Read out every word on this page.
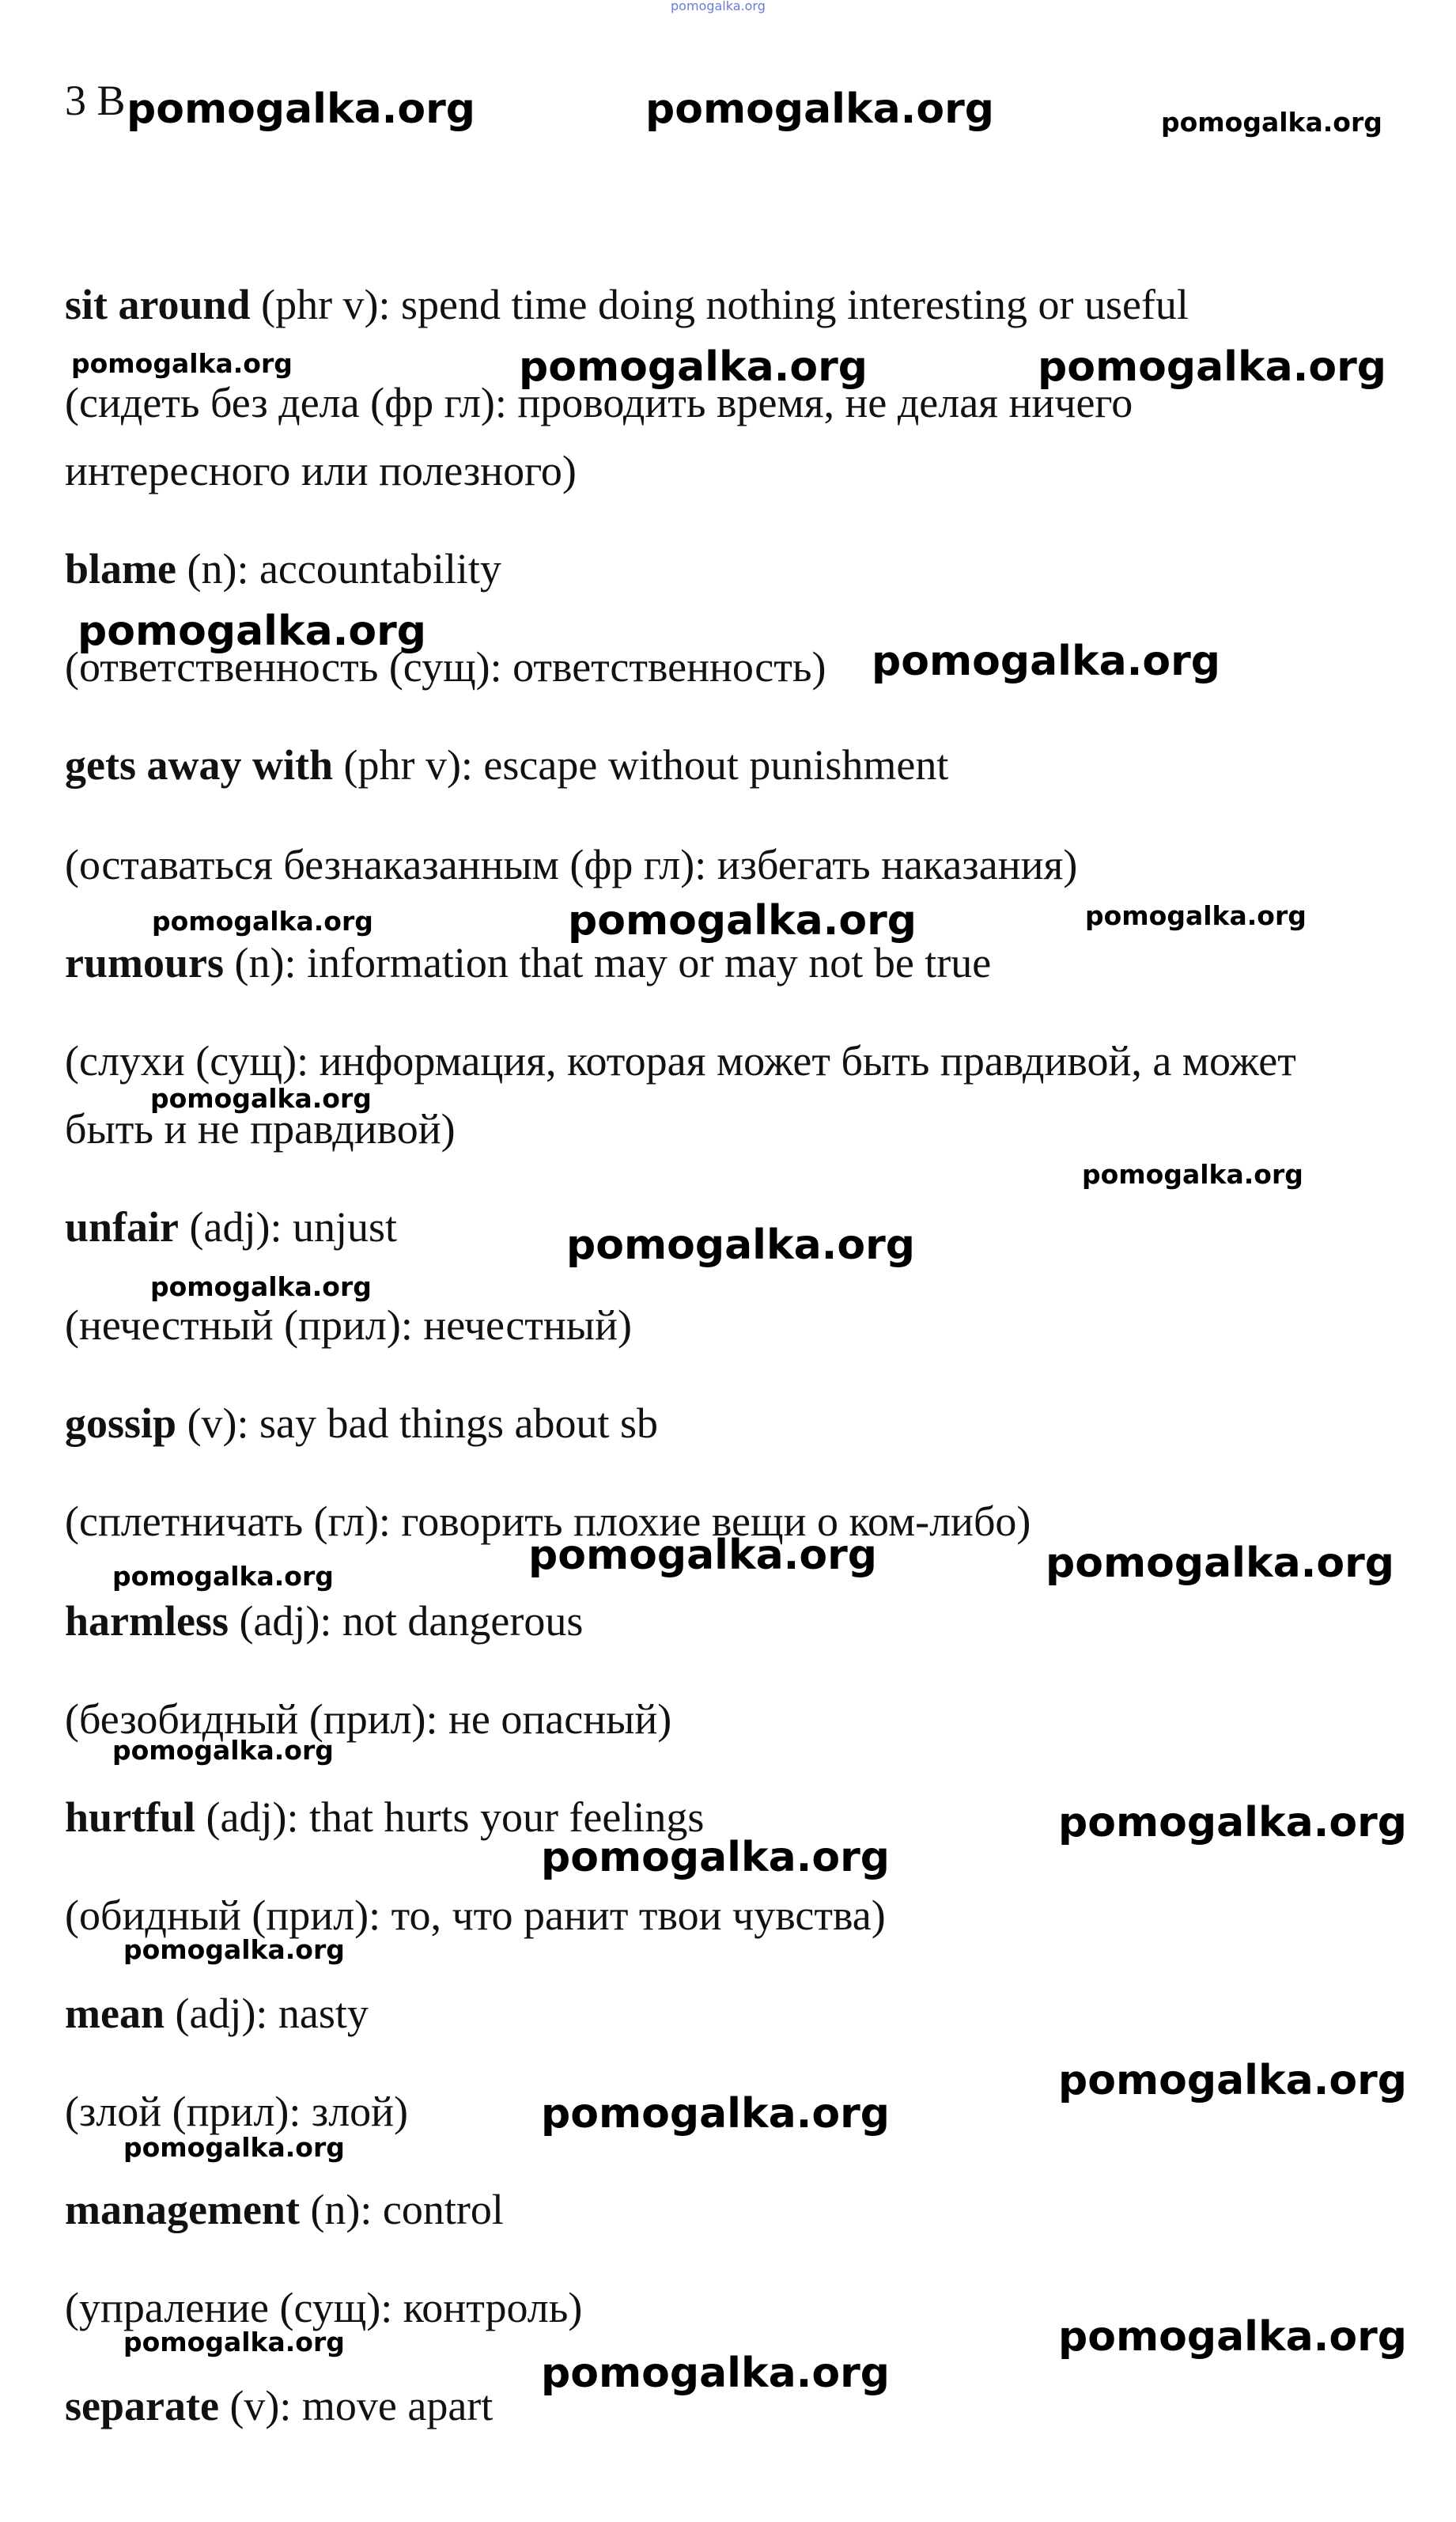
3 B
sit around (phr v): spend time doing nothing interesting or useful
(сидеть без дела (фр гл): проводить время, не делая ничего
интересного или полезного)
blame (n): accountability
(ответственность (сущ): ответственность)
gets away with (phr v): escape without punishment
(оставаться безнаказанным (фр гл): избегать наказания)
rumours (n): information that may or may not be true
(слухи (сущ): информация, которая может быть правдивой, а может
быть и не правдивой)
unfair (adj): unjust
(нечестный (прил): нечестный)
gossip (v): say bad things about sb
(сплетничать (гл): говорить плохие вещи о ком-либо)
harmless (adj): not dangerous
(безобидный (прил): не опасный)
hurtful (adj): that hurts your feelings
(обидный (прил): то, что ранит твои чувства)
mean (adj): nasty
(злой (прил): злой)
management (n): control
(упраление (сущ): контроль)
separate (v): move apart
pomogalka.org
pomogalka.org	pomogalka.org	pomogalka.org
pomogalka.org	pomogalka.org	pomogalka.org
pomogalka.org
pomogalka.org
pomogalka.org	pomogalka.org	pomogalka.org
pomogalka.org
pomogalka.org
pomogalka.org
pomogalka.org
pomogalka.org
pomogalka.org	pomogalka.org
pomogalka.org
pomogalka.org
pomogalka.org
pomogalka.org
pomogalka.org
pomogalka.org
pomogalka.org
pomogalka.org
pomogalka.org
pomogalka.org
